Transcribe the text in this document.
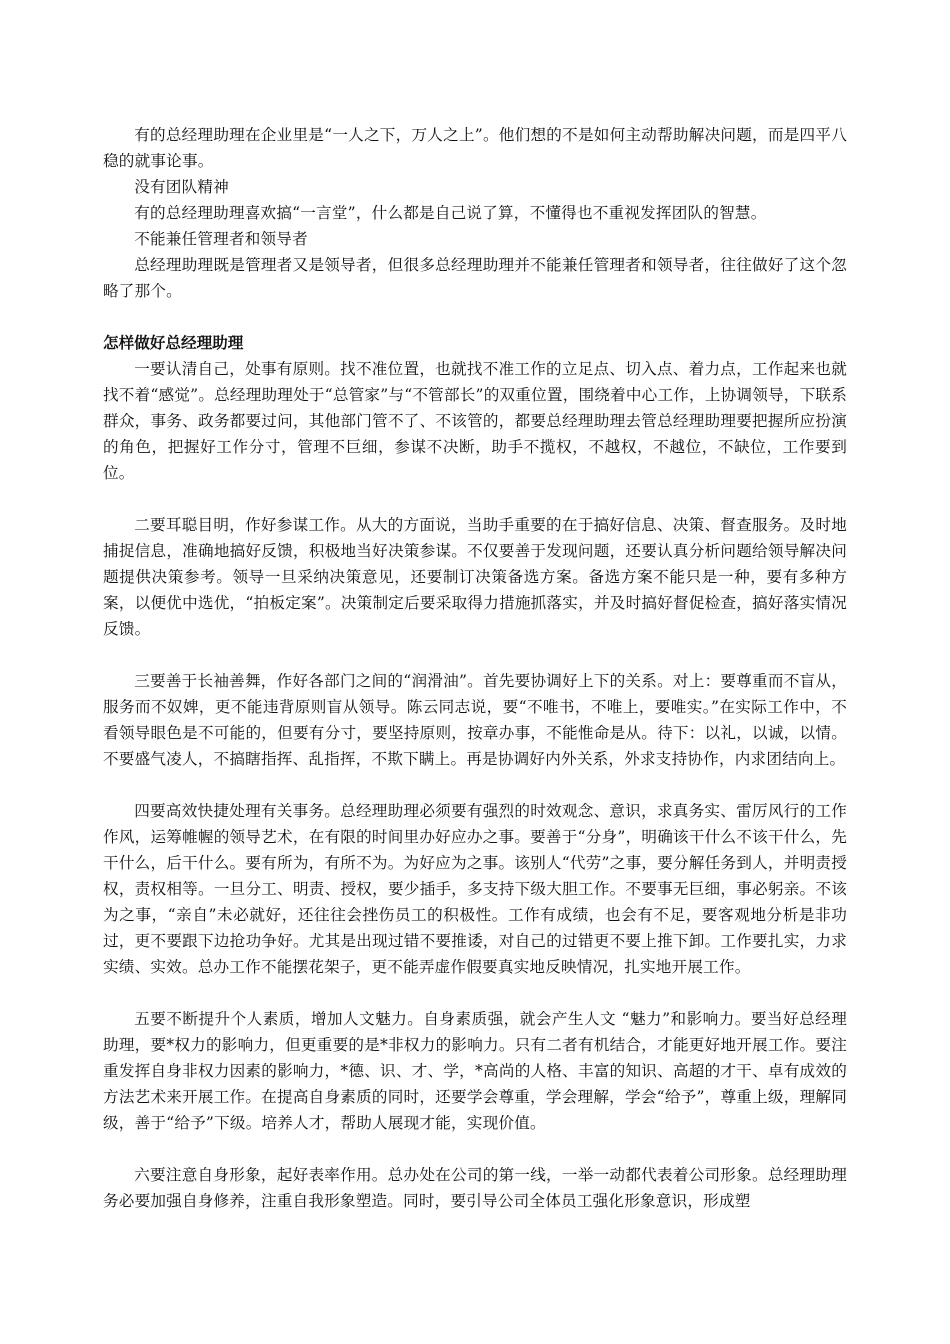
有的总经理助理在企业里是“一人之下，万人之上”。他们想的不是如何主动帮助解决问题，而是四平八稳的就事论事。

没有团队精神

有的总经理助理喜欢搞“一言堂”，什么都是自己说了算，不懂得也不重视发挥团队的智慧。

不能兼任管理者和领导者

总经理助理既是管理者又是领导者，但很多总经理助理并不能兼任管理者和领导者，往往做好了这个忽略了那个。

怎样做好总经理助理

一要认清自己，处事有原则。找不准位置，也就找不准工作的立足点、切入点、着力点，工作起来也就找不着“感觉”。总经理助理处于“总管家”与“不管部长”的双重位置，围绕着中心工作，上协调领导，下联系群众，事务、政务都要过问，其他部门管不了、不该管的，都要总经理助理去管总经理助理要把握所应扮演的角色，把握好工作分寸，管理不巨细，参谋不决断，助手不揽权，不越权，不越位，不缺位，工作要到位。

二要耳聪目明，作好参谋工作。从大的方面说，当助手重要的在于搞好信息、决策、督查服务。及时地捕捉信息，准确地搞好反馈，积极地当好决策参谋。不仅要善于发现问题，还要认真分析问题给领导解决问题提供决策参考。领导一旦采纳决策意见，还要制订决策备选方案。备选方案不能只是一种，要有多种方案，以便优中选优，“拍板定案”。决策制定后要采取得力措施抓落实，并及时搞好督促检查，搞好落实情况反馈。

三要善于长袖善舞，作好各部门之间的“润滑油”。首先要协调好上下的关系。对上：要尊重而不盲从，服务而不奴婢，更不能违背原则盲从领导。陈云同志说，要“不唯书，不唯上，要唯实。”在实际工作中，不看领导眼色是不可能的，但要有分寸，要坚持原则，按章办事，不能惟命是从。待下：以礼，以诚，以情。不要盛气凌人，不搞瞎指挥、乱指挥，不欺下瞒上。再是协调好内外关系，外求支持协作，内求团结向上。

四要高效快捷处理有关事务。总经理助理必须要有强烈的时效观念、意识，求真务实、雷厉风行的工作作风，运筹帷幄的领导艺术，在有限的时间里办好应办之事。要善于“分身”，明确该干什么不该干什么，先干什么，后干什么。要有所为，有所不为。为好应为之事。该别人“代劳”之事，要分解任务到人，并明责授权，责权相等。一旦分工、明责、授权，要少插手，多支持下级大胆工作。不要事无巨细，事必躬亲。不该为之事，“亲自”未必就好，还往往会挫伤员工的积极性。工作有成绩，也会有不足，要客观地分析是非功过，更不要跟下边抢功争好。尤其是出现过错不要推诿，对自己的过错更不要上推下卸。工作要扎实，力求实绩、实效。总办工作不能摆花架子，更不能弄虚作假要真实地反映情况，扎实地开展工作。

五要不断提升个人素质，增加人文魅力。自身素质强，就会产生人文 “魅力”和影响力。要当好总经理助理，要*权力的影响力，但更重要的是*非权力的影响力。只有二者有机结合，才能更好地开展工作。要注重发挥自身非权力因素的影响力，*德、识、才、学，*高尚的人格、丰富的知识、高超的才干、卓有成效的方法艺术来开展工作。在提高自身素质的同时，还要学会尊重，学会理解，学会“给予”，尊重上级，理解同级，善于“给予”下级。培养人才，帮助人展现才能，实现价值。

六要注意自身形象，起好表率作用。总办处在公司的第一线，一举一动都代表着公司形象。总经理助理务必要加强自身修养，注重自我形象塑造。同时，要引导公司全体员工强化形象意识，形成塑
